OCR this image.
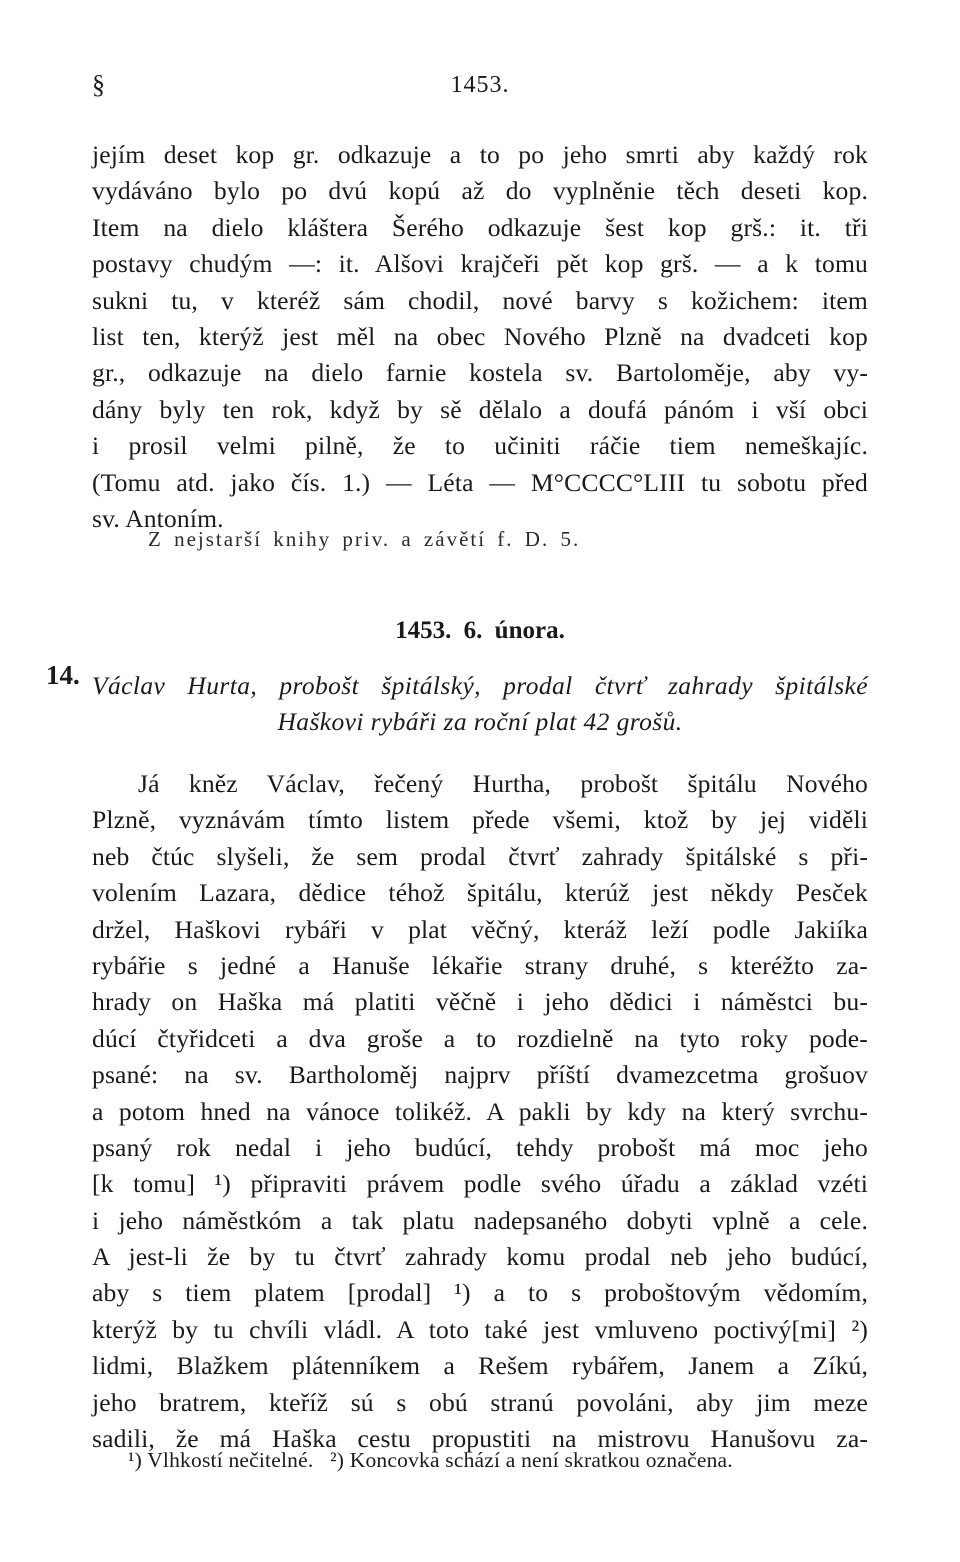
§	1453.
jejím deset kop gr. odkazuje a to po jeho smrti aby každý rok
vydáváno bylo po dvú kopú až do vyplněnie těch deseti kop.
Item na dielo kláštera Šerého odkazuje šest kop grš.: it. tři
postavy chudým —: it. Alšovi krajčeři pět kop grš. — a k tomu
sukni tu, v kteréž sám chodil, nové barvy s kožichem: item
list ten, kterýž jest měl na obec Nového Plzně na dvadceti kop
gr., odkazuje na dielo farnie kostela sv. Bartoloměje, aby vy-
dány byly ten rok, když by sě dělalo a doufá pánóm i vší obci
i prosil velmi pilně, že to učiniti ráčie tiem nemeškajíc.
(Tomu atd. jako čís. 1.) — Léta — M°CCCC°LIII tu sobotu před
sv. Antoním.
Z nejstarší knihy priv. a závětí f. D. 5.
1453. 6. února.
14. Václav Hurta, probošt špitálský, prodal čtvrť zahrady špitálské
Haškovi rybáři za roční plat 42 grošů.
Já kněz Václav, řečený Hurtha, probošt špitálu Nového
Plzně, vyznávám tímto listem přede všemi, ktož by jej viděli
neb čtúc slyšeli, že sem prodal čtvrť zahrady špitálské s při-
volením Lazara, dědice téhož špitálu, kterúž jest někdy Pesček
držel, Haškovi rybáři v plat věčný, kteráž leží podle Jakiíka
rybářie s jedné a Hanuše lékařie strany druhé, s kteréžto za-
hrady on Haška má platiti věčně i jeho dědici i náměstci bu-
dúcí čtyřidceti a dva groše a to rozdielně na tyto roky pode-
psané: na sv. Bartholoměj najprv příští dvamezcetma grošuov
a potom hned na vánoce tolikéž. A pakli by kdy na který svrchu-
psaný rok nedal i jeho budúcí, tehdy probošt má moc jeho
[k tomu] ¹) připraviti právem podle svého úřadu a základ vzéti
i jeho náměstkóm a tak platu nadepsaného dobyti vplně a cele.
A jest-li že by tu čtvrť zahrady komu prodal neb jeho budúcí,
aby s tiem platem [prodal] ¹) a to s proboštovým vědomím,
kterýž by tu chvíli vládl. A toto také jest vmluveno poctivý[mi] ²)
lidmi, Blažkem plátenníkem a Rešem rybářem, Janem a Zíkú,
jeho bratrem, kteříž sú s obú stranú povoláni, aby jim meze
sadili, že má Haška cestu propustiti na mistrovu Hanušovu za-
¹) Vlhkostí nečitelné. ²) Koncovka schází a není skratkou označena.
